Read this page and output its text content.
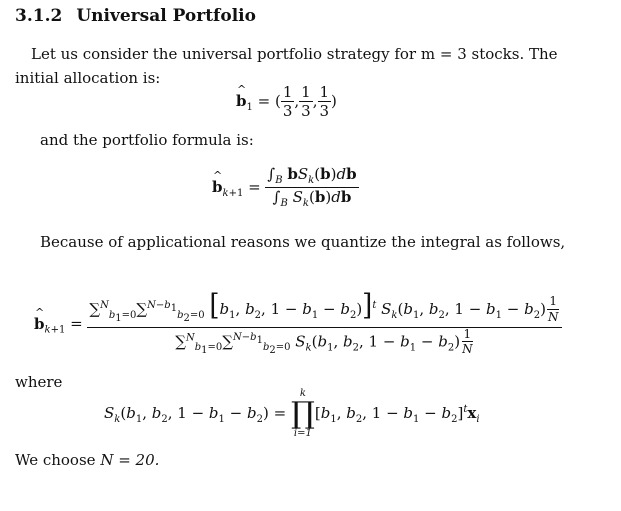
3.1.2 Universal Portfolio
Let us consider the universal portfolio strategy for m = 3 stocks. The
initial allocation is:
^ $b_1$ = ( $\frac{1}{3}$ , $\frac{1}{3}$ , $\frac{1}{3}$ )
and the portfolio formula is:
^ $b_{k+1} = \frac{\int_B bS_k(b)db}{\int_B S_k(b)db}$
Because of applicational reasons we quantize the integral as follows,
^ $b_{k+1}$ =
∑$^N_{b_1=0}$∑$^{N-b_1}_{b_2=0}$ [$b_1$, $b_2$, $1 - b_1 - b_2)]^t$ $S_k(b_1$, $b_2$, $1 - b_1 - b_2) \frac{1}{N}$
∑$^N_{b_1=0}$∑$^{N-b_1}_{b_2=0}$ $S_k(b_1$, $b_2$, $1 - b_1 - b_2) \frac{1}{N}$
where
$S_k(b_1$, $b_2$, $1 - b_1 - b_2$) =
k
∏
i=1
[$b_1$, $b_2$, $1 - b_1 - b_2]^tx_i$
We choose N = 20.
